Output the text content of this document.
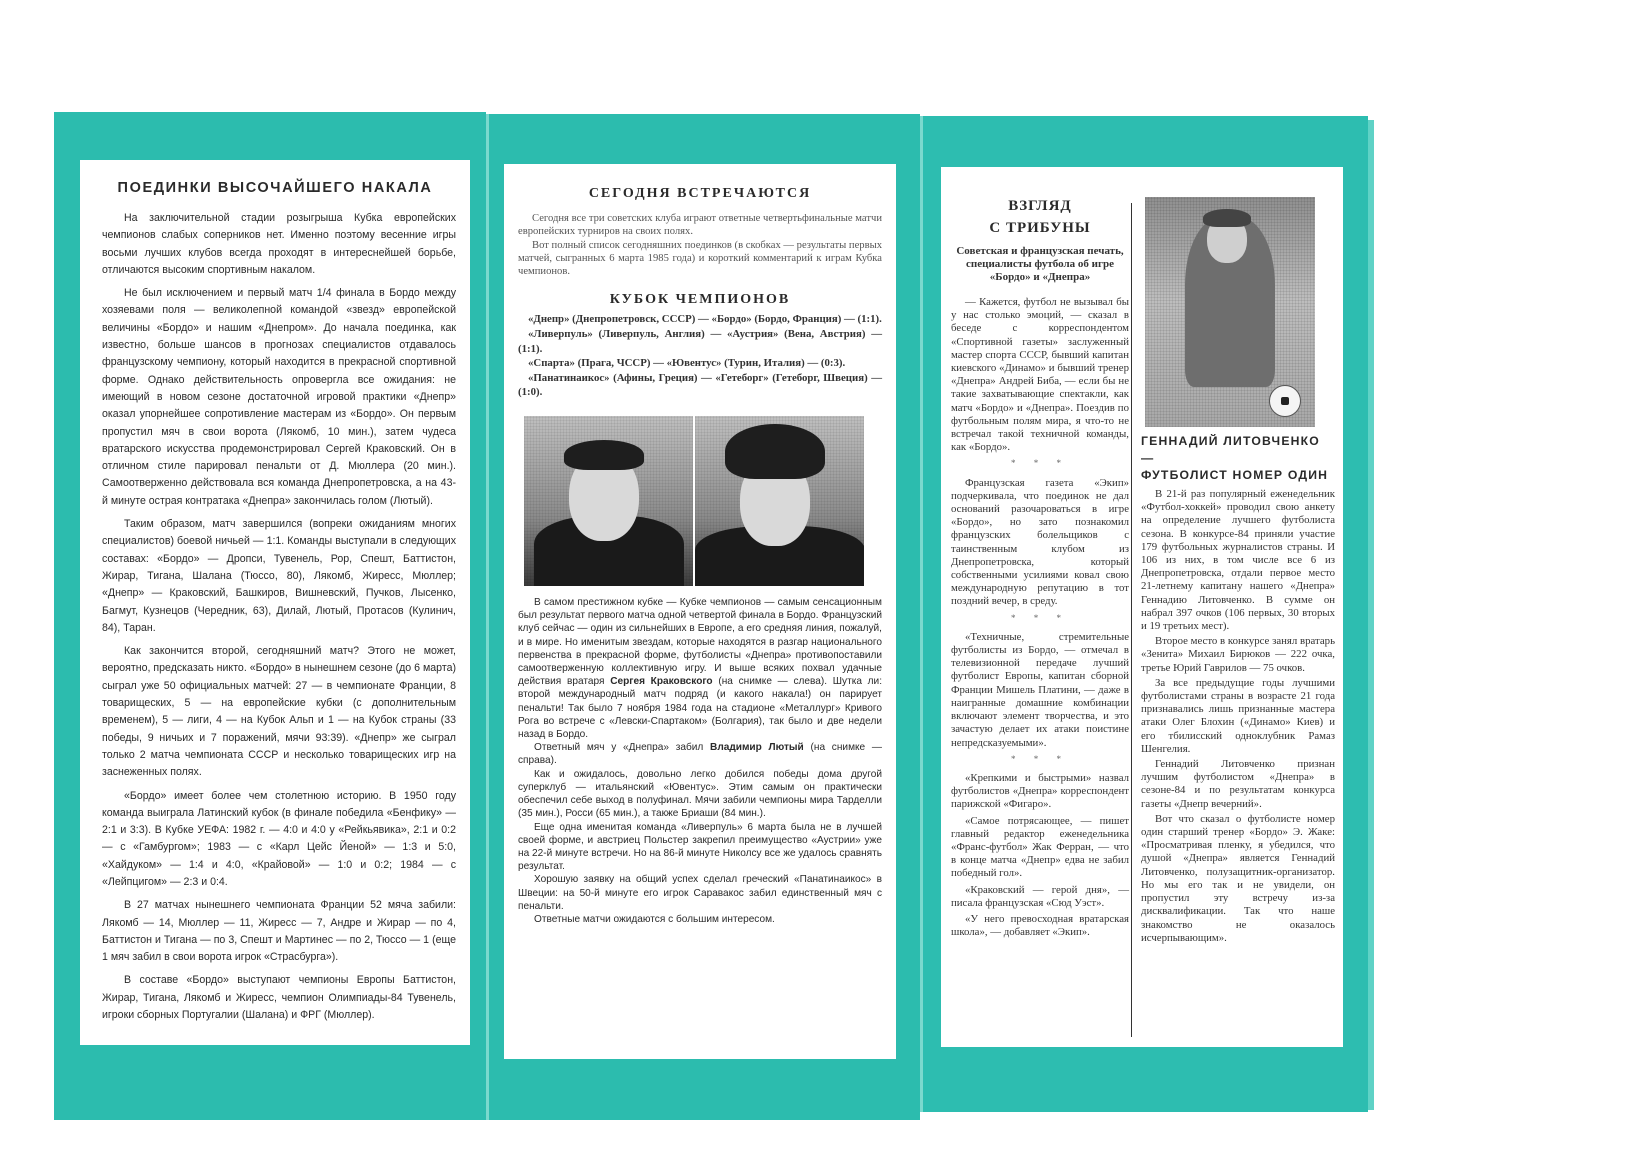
ПОЕДИНКИ ВЫСОЧАЙШЕГО НАКАЛА

На заключительной стадии розыгрыша Кубка европейских чемпионов слабых соперников нет. Именно поэтому весенние игры восьми лучших клубов всегда проходят в интереснейшей борьбе, отличаются высоким спортивным накалом.

Не был исключением и первый матч 1/4 финала в Бордо между хозяевами поля — великолепной командой «звезд» европейской величины «Бордо» и нашим «Днепром». До начала поединка, как известно, больше шансов в прогнозах специалистов отдавалось французскому чемпиону, который находится в прекрасной спортивной форме. Однако действительность опровергла все ожидания: не имеющий в новом сезоне достаточной игровой практики «Днепр» оказал упорнейшее сопротивление мастерам из «Бордо». Он первым пропустил мяч в свои ворота (Лякомб, 10 мин.), затем чудеса вратарского искусства продемонстрировал Сергей Краковский. Он в отличном стиле парировал пенальти от Д. Мюллера (20 мин.). Самоотверженно действовала вся команда Днепропетровска, а на 43-й минуте острая контратака «Днепра» закончилась голом (Лютый).

Таким образом, матч завершился (вопреки ожиданиям многих специалистов) боевой ничьей — 1:1. Команды выступали в следующих составах: «Бордо» — Дропси, Тувенель, Рор, Спешт, Баттистон, Жирар, Тигана, Шалана (Тюссо, 80), Лякомб, Жиресс, Мюллер; «Днепр» — Краковский, Башкиров, Вишневский, Пучков, Лысенко, Багмут, Кузнецов (Чередник, 63), Дилай, Лютый, Протасов (Кулинич, 84), Таран.

Как закончится второй, сегодняшний матч? Этого не может, вероятно, предсказать никто. «Бордо» в нынешнем сезоне (до 6 марта) сыграл уже 50 официальных матчей: 27 — в чемпионате Франции, 8 товарищеских, 5 — на европейские кубки (с дополнительным временем), 5 — лиги, 4 — на Кубок Альп и 1 — на Кубок страны (33 победы, 9 ничьих и 7 поражений, мячи 93:39). «Днепр» же сыграл только 2 матча чемпионата СССР и несколько товарищеских игр на заснеженных полях.

«Бордо» имеет более чем столетнюю историю. В 1950 году команда выиграла Латинский кубок (в финале победила «Бенфику» — 2:1 и 3:3). В Кубке УЕФА: 1982 г. — 4:0 и 4:0 у «Рейкьявика», 2:1 и 0:2 — с «Гамбургом»; 1983 — с «Карл Цейс Йеной» — 1:3 и 5:0, «Хайдуком» — 1:4 и 4:0, «Крайовой» — 1:0 и 0:2; 1984 — с «Лейпцигом» — 2:3 и 0:4.

В 27 матчах нынешнего чемпионата Франции 52 мяча забили: Лякомб — 14, Мюллер — 11, Жиресс — 7, Андре и Жирар — по 4, Баттистон и Тигана — по 3, Спешт и Мартинес — по 2, Тюссо — 1 (еще 1 мяч забил в свои ворота игрок «Страсбурга»).

В составе «Бордо» выступают чемпионы Европы Баттистон, Жирар, Тигана, Лякомб и Жиресс, чемпион Олимпиады-84 Тувенель, игроки сборных Португалии (Шалана) и ФРГ (Мюллер).

СЕГОДНЯ ВСТРЕЧАЮТСЯ

Сегодня все три советских клуба играют ответные четвертьфинальные матчи европейских турниров на своих полях.

Вот полный список сегодняшних поединков (в скобках — результаты первых матчей, сыгранных 6 марта 1985 года) и короткий комментарий к играм Кубка чемпионов.

КУБОК ЧЕМПИОНОВ

«Днепр» (Днепропетровск, СССР) — «Бордо» (Бордо, Франция) — (1:1).

«Ливерпуль» (Ливерпуль, Англия) — «Аустрия» (Вена, Австрия) — (1:1).

«Спарта» (Прага, ЧССР) — «Ювентус» (Турин, Италия) — (0:3).

«Панатинаикос» (Афины, Греция) — «Гетеборг» (Гетеборг, Швеция) — (1:0).

В самом престижном кубке — Кубке чемпионов — самым сенсационным был результат первого матча одной четвертой финала в Бордо. Французский клуб сейчас — один из сильнейших в Европе, а его средняя линия, пожалуй, и в мире. Но именитым звездам, которые находятся в разгар национального первенства в прекрасной форме, футболисты «Днепра» противопоставили самоотверженную коллективную игру. И выше всяких похвал удачные действия вратаря Сергея Краковского (на снимке — слева). Шутка ли: второй международный матч подряд (и какого накала!) он парирует пенальти! Так было 7 ноября 1984 года на стадионе «Металлург» Кривого Рога во встрече с «Левски-Спартаком» (Болгария), так было и две недели назад в Бордо.

Ответный мяч у «Днепра» забил Владимир Лютый (на снимке — справа).

Как и ожидалось, довольно легко добился победы дома другой суперклуб — итальянский «Ювентус». Этим самым он практически обеспечил себе выход в полуфинал. Мячи забили чемпионы мира Тарделли (35 мин.), Росси (65 мин.), а также Бриаши (84 мин.).

Еще одна именитая команда «Ливерпуль» 6 марта была не в лучшей своей форме, и австриец Польстер закрепил преимущество «Аустрии» уже на 22-й минуте встречи. Но на 86-й минуте Николсу все же удалось сравнять результат.

Хорошую заявку на общий успех сделал греческий «Панатинаикос» в Швеции: на 50-й минуте его игрок Саравакос забил единственный мяч с пенальти.

Ответные матчи ожидаются с большим интересом.

ВЗГЛЯД
С ТРИБУНЫ
Советская и французская печать, специалисты футбола об игре «Бордо» и «Днепра»

— Кажется, футбол не вызывал бы у нас столько эмоций, — сказал в беседе с корреспондентом «Спортивной газеты» заслуженный мастер спорта СССР, бывший капитан киевского «Динамо» и бывший тренер «Днепра» Андрей Биба, — если бы не такие захватывающие спектакли, как матч «Бордо» и «Днепра». Поездив по футбольным полям мира, я что-то не встречал такой техничной команды, как «Бордо».

* * *

Французская газета «Экип» подчеркивала, что поединок не дал оснований разочароваться в игре «Бордо», но зато познакомил французских болельщиков с таинственным клубом из Днепропетровска, который собственными усилиями ковал свою международную репутацию в тот поздний вечер, в среду.

* * *

«Техничные, стремительные футболисты из Бордо, — отмечал в телевизионной передаче лучший футболист Европы, капитан сборной Франции Мишель Платини, — даже в наигранные домашние комбинации включают элемент творчества, и это зачастую делает их атаки поистине непредсказуемыми».

* * *

«Крепкими и быстрыми» назвал футболистов «Днепра» корреспондент парижской «Фигаро».

«Самое потрясающее, — пишет главный редактор еженедельника «Франс-футбол» Жак Ферран, — что в конце матча «Днепр» едва не забил победный гол».

«Краковский — герой дня», — писала французская «Сюд Уэст».

«У него превосходная вратарская школа», — добавляет «Экип».

ГЕННАДИЙ ЛИТОВЧЕНКО —
ФУТБОЛИСТ НОМЕР ОДИН

В 21-й раз популярный еженедельник «Футбол-хоккей» проводил свою анкету на определение лучшего футболиста сезона. В конкурсе-84 приняли участие 179 футбольных журналистов страны. И 106 из них, в том числе все 6 из Днепропетровска, отдали первое место 21-летнему капитану нашего «Днепра» Геннадию Литовченко. В сумме он набрал 397 очков (106 первых, 30 вторых и 19 третьих мест).

Второе место в конкурсе занял вратарь «Зенита» Михаил Бирюков — 222 очка, третье Юрий Гаврилов — 75 очков.

За все предыдущие годы лучшими футболистами страны в возрасте 21 года признавались лишь признанные мастера атаки Олег Блохин («Динамо» Киев) и его тбилисский одноклубник Рамаз Шенгелия.

Геннадий Литовченко признан лучшим футболистом «Днепра» в сезоне-84 и по результатам конкурса газеты «Днепр вечерний».

Вот что сказал о футболисте номер один старший тренер «Бордо» Э. Жаке: «Просматривая пленку, я убедился, что душой «Днепра» является Геннадий Литовченко, полузащитник-организатор. Но мы его так и не увидели, он пропустил эту встречу из-за дисквалификации. Так что наше знакомство не оказалось исчерпывающим».
